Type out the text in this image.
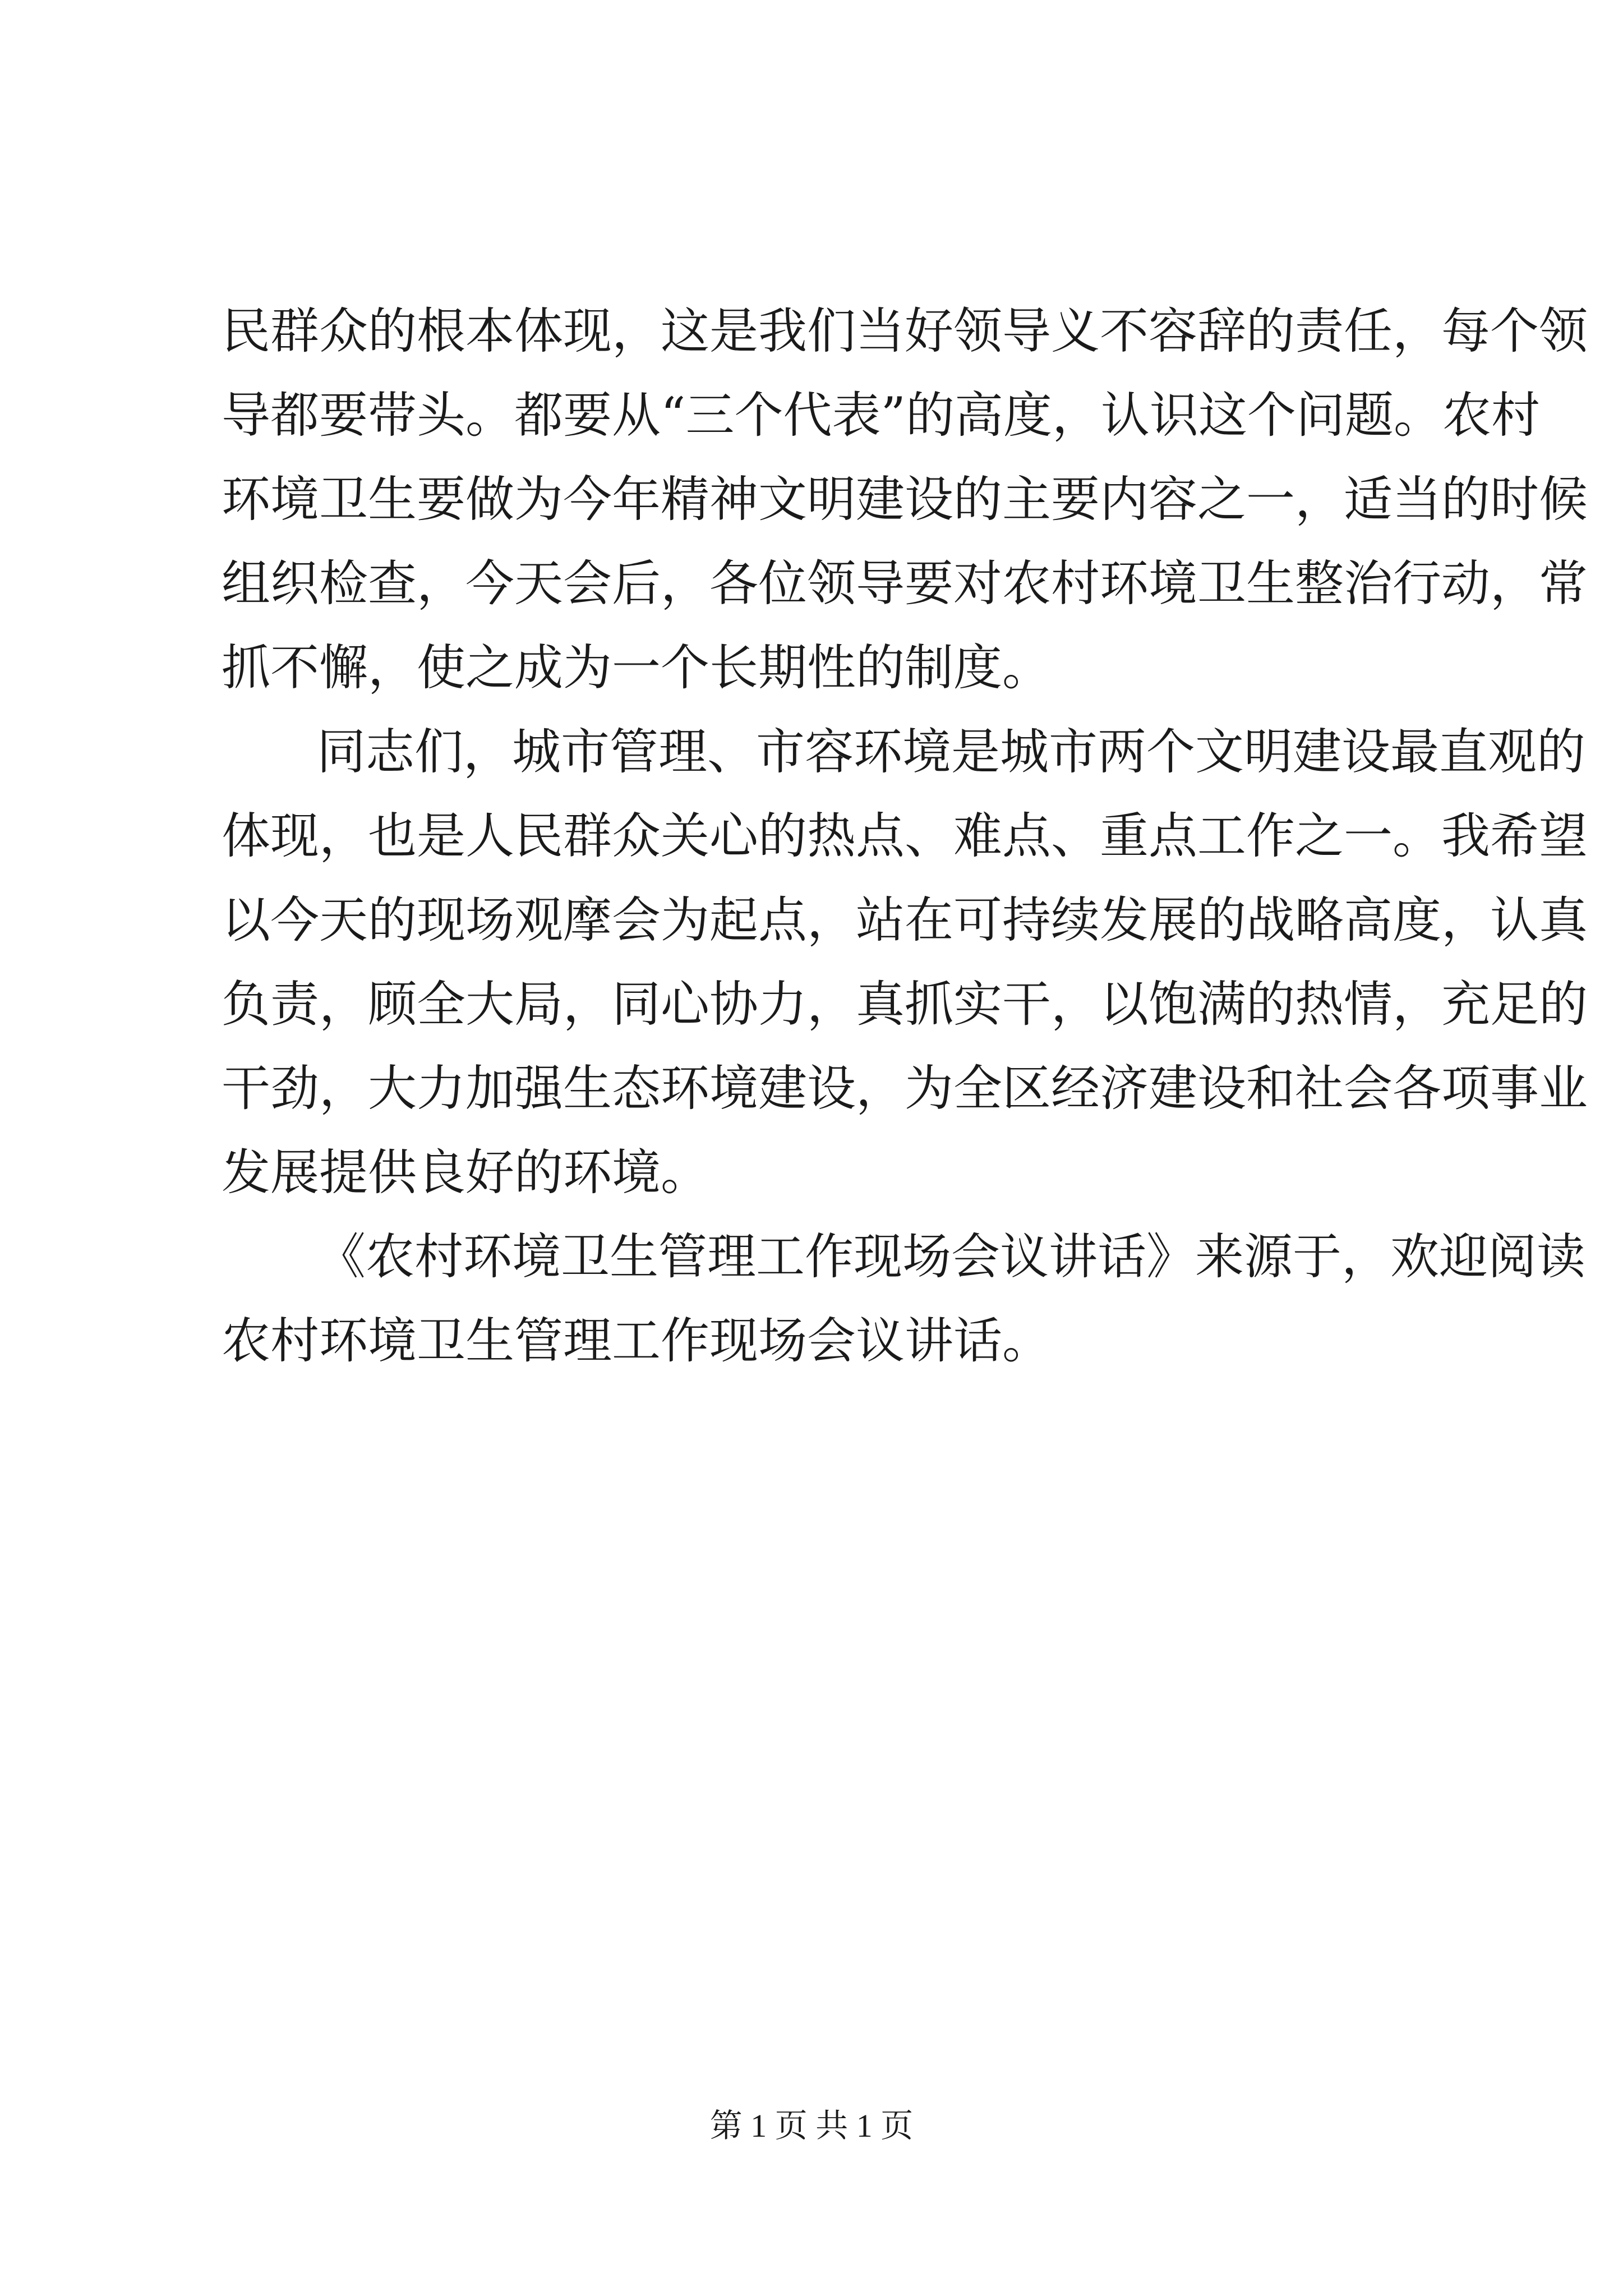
民群众的根本体现，这是我们当好领导义不容辞的责任，每个领
导都要带头。都要从“三个代表”的高度，认识这个问题。农村
环境卫生要做为今年精神文明建设的主要内容之一，适当的时候
组织检查，今天会后，各位领导要对农村环境卫生整治行动，常
抓不懈，使之成为一个长期性的制度。
同志们，城市管理、市容环境是城市两个文明建设最直观的
体现，也是人民群众关心的热点、难点、重点工作之一。我希望
以今天的现场观摩会为起点，站在可持续发展的战略高度，认真
负责，顾全大局，同心协力，真抓实干，以饱满的热情，充足的
干劲，大力加强生态环境建设，为全区经济建设和社会各项事业
发展提供良好的环境。
《农村环境卫生管理工作现场会议讲话》来源于，欢迎阅读
农村环境卫生管理工作现场会议讲话。
第 1 页 共 1 页
